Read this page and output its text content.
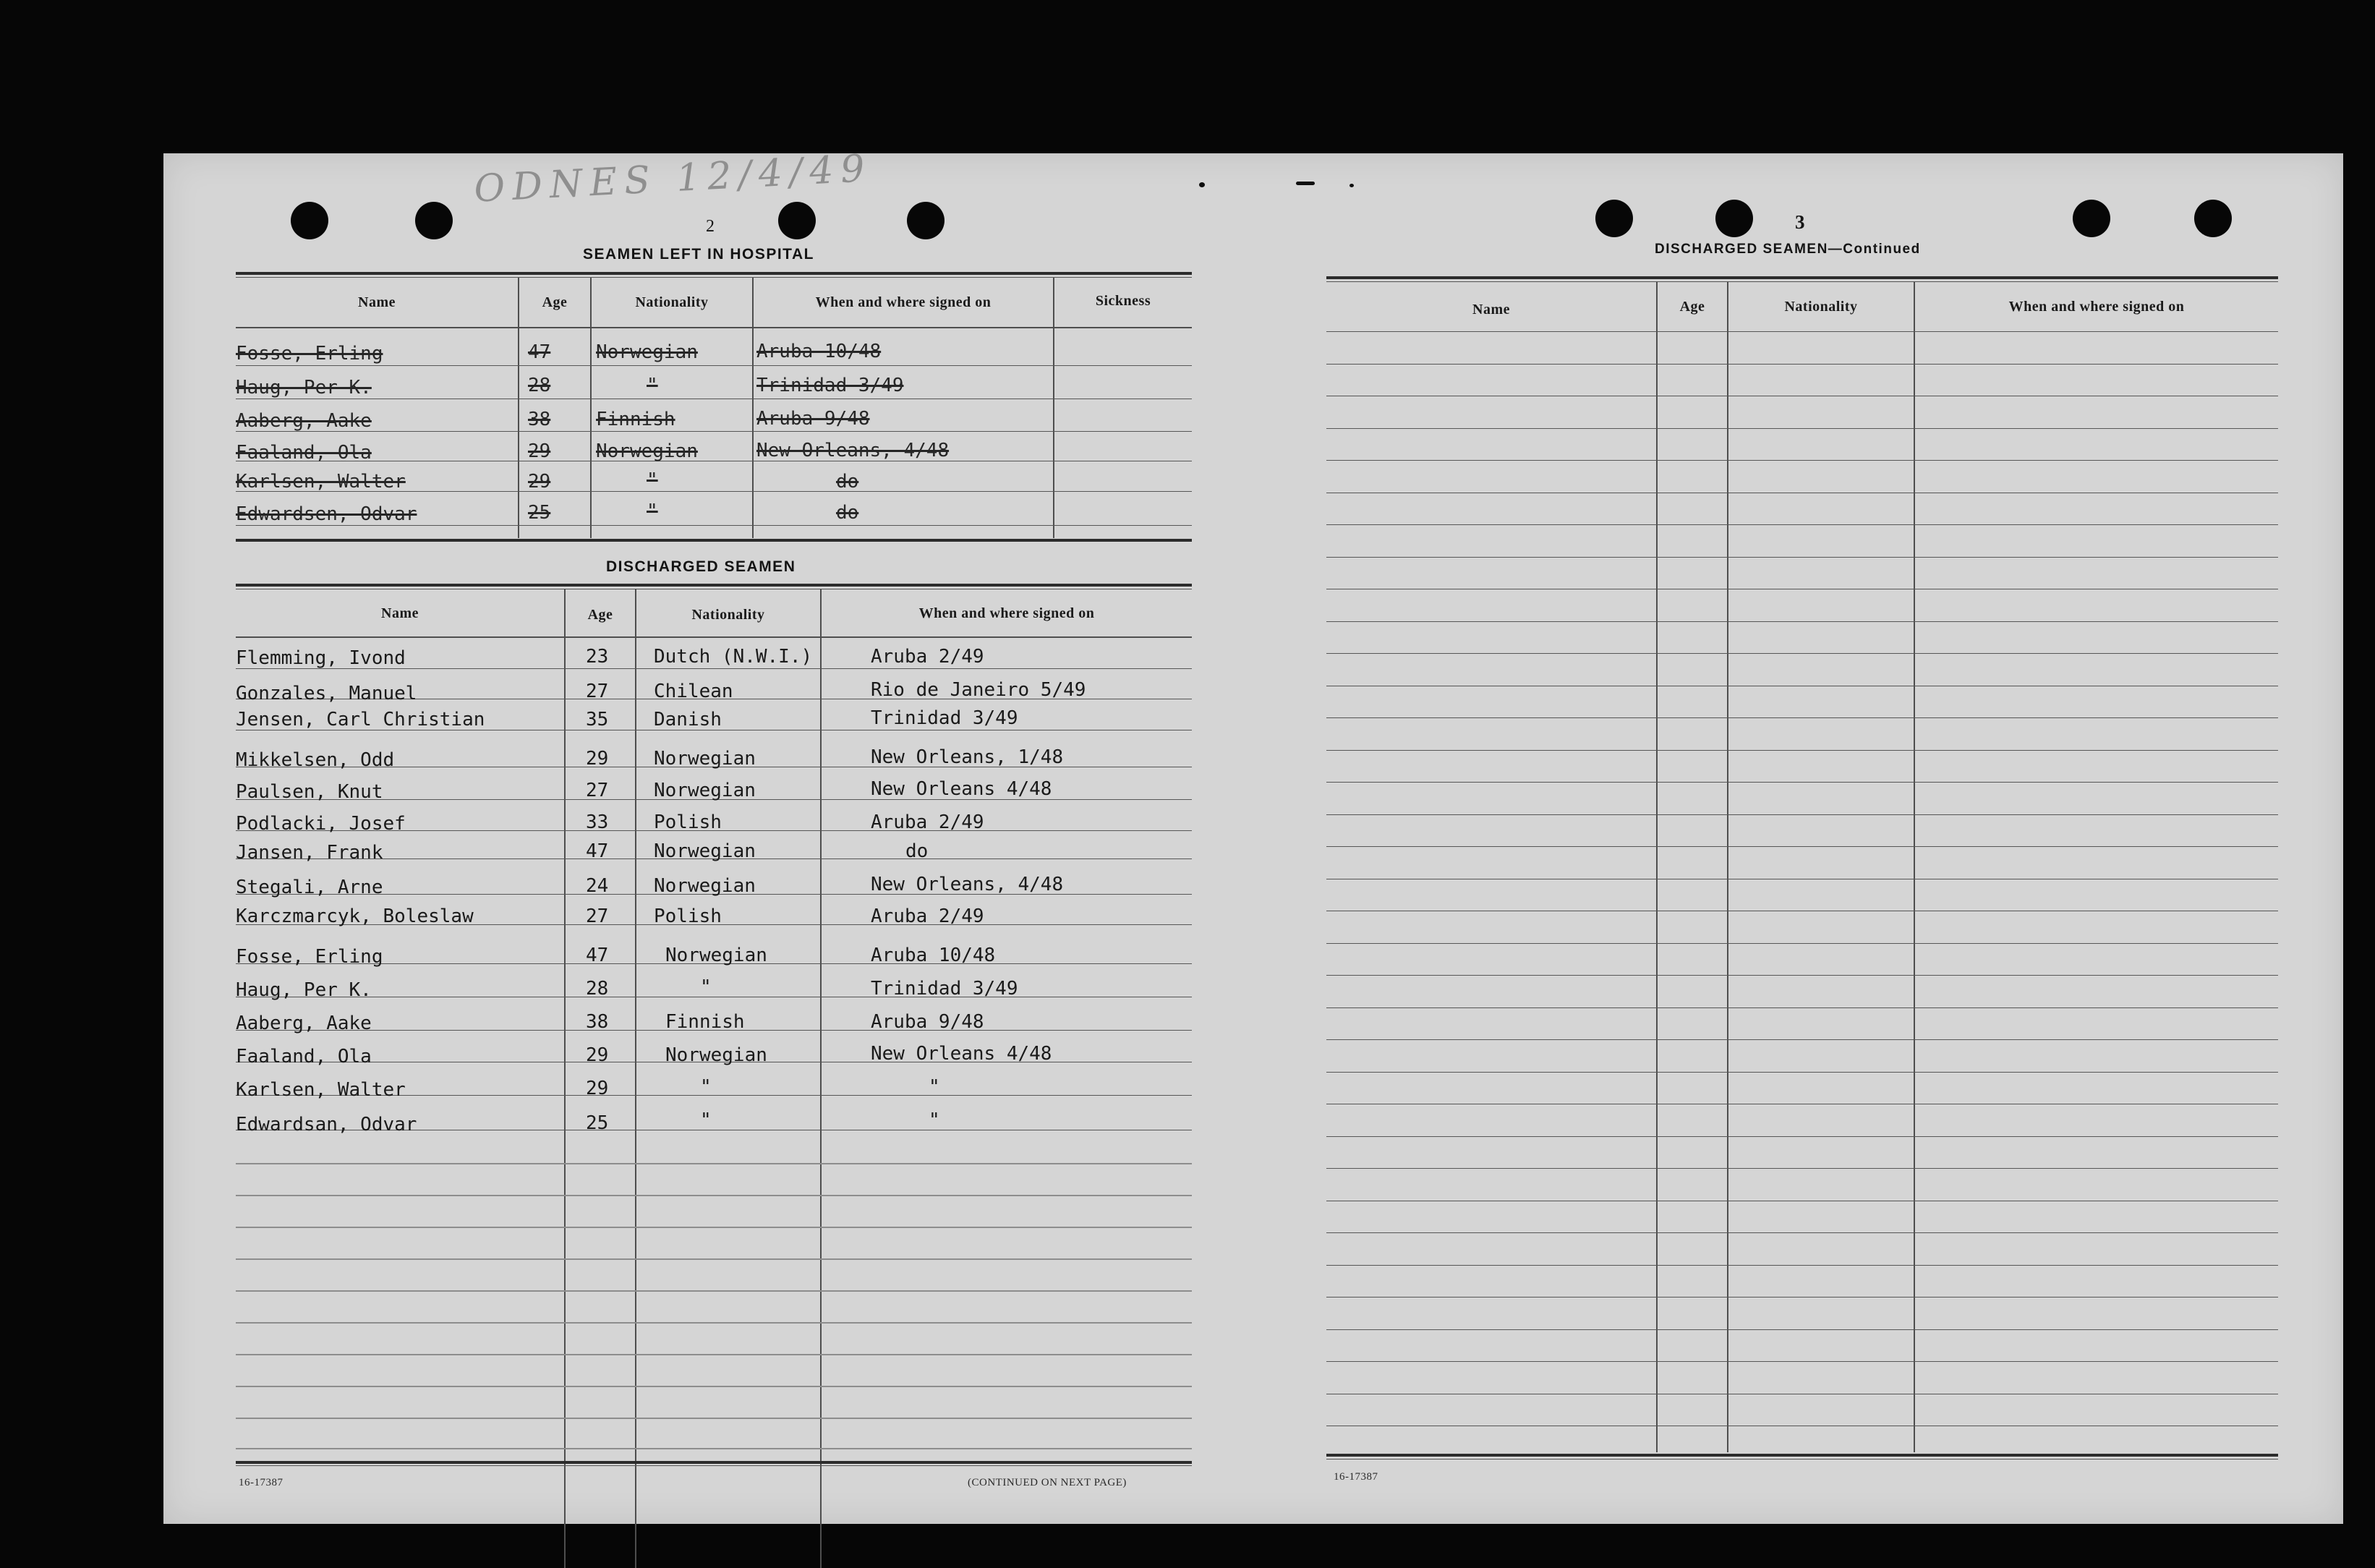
ODNES 12/4/49
2
SEAMEN LEFT IN HOSPITAL
Name	Age	Nationality	When and where signed on	Sickness
Fosse, Erling	47 Norwegian	Aruba 10/48
Haug, Per K.	28	"	Trinidad 3/49
Aaberg, Aake	38 Finnish	Aruba 9/48
Faaland, Ola	29 Norwegian	New Orleans, 4/48
Karlsen, Walter	29	"	do
Edwardsen, Odvar	25	"	do
DISCHARGED SEAMEN
Name	Age	Nationality	When and where signed on
Flemming, Ivond	23 Dutch (N.W.I.)	Aruba 2/49
Gonzales, Manuel	27 Chilean	Rio de Janeiro 5/49
Jensen, Carl Christian	35 Danish	Trinidad 3/49
Mikkelsen, Odd	29 Norwegian	New Orleans, 1/48
Paulsen, Knut	27 Norwegian	New Orleans 4/48
Podlacki, Josef	33 Polish	Aruba 2/49
Jansen, Frank	47 Norwegian	do
Stegali, Arne	24 Norwegian	New Orleans, 4/48
Karczmarcyk, Boleslaw	27 Polish	Aruba 2/49
Fosse, Erling	47	Norwegian	Aruba 10/48
Haug, Per K.	28	"	Trinidad 3/49
Aaberg, Aake	38	Finnish	Aruba 9/48
Faaland, Ola	29	Norwegian	New Orleans 4/48
Karlsen, Walter	29	"	"
Edwardsan, Odvar	25	"	"
16-17387	(CONTINUED ON NEXT PAGE)
3
DISCHARGED SEAMEN—Continued
Name	Age	Nationality	When and where signed on
16-17387
